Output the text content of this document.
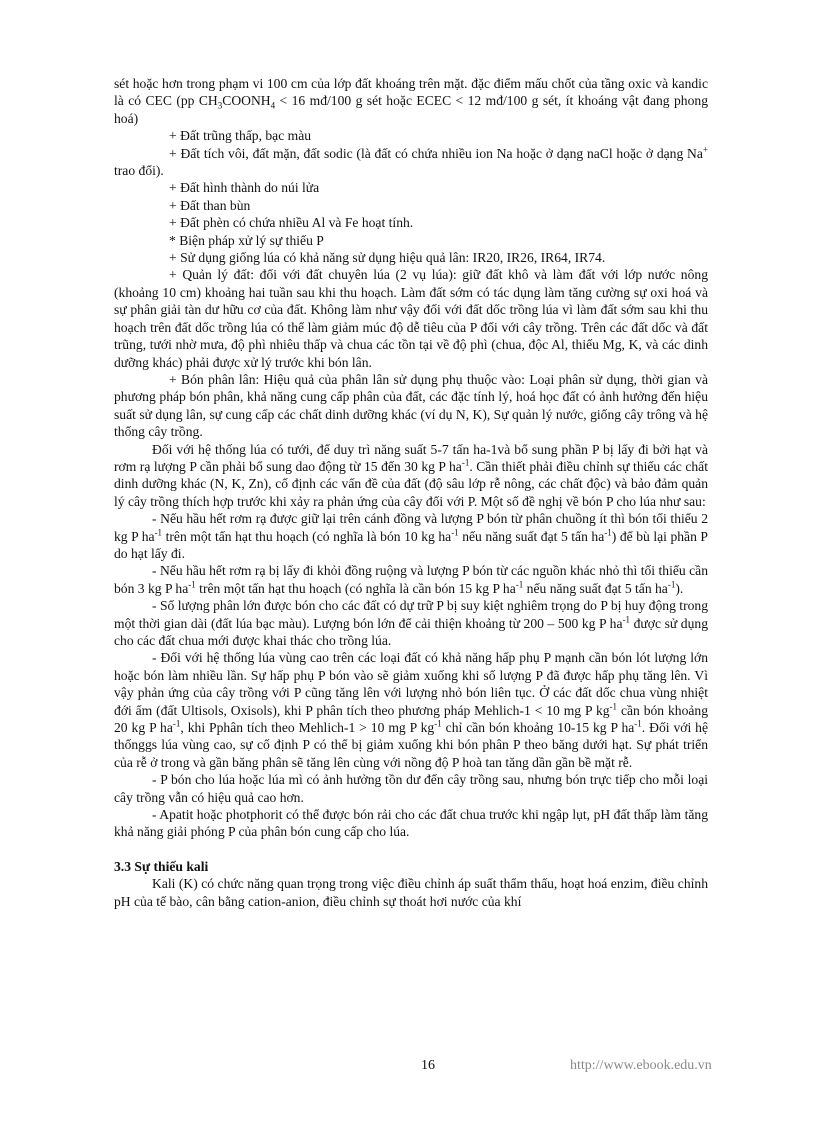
sét hoặc hơn trong phạm vi 100 cm của lớp đất khoáng trên mặt. đặc điểm mấu chốt của tầng oxic và kandic là có CEC (pp $CH_3COONH_4 < 16$ mđ/100 g sét hoặc ECEC < 12 mđ/100 g sét, ít khoáng vật đang phong hoá)

+ Đất trũng thấp, bạc màu

+ Đất tích vôi, đất mặn, đất sodic (là đất có chứa nhiều ion Na hoặc ở dạng naCl hoặc ở dạng Na+ trao đổi).

+ Đất hình thành do núi lửa

+ Đất than bùn

+ Đất phèn có chứa nhiều Al và Fe hoạt tính.

* Biện pháp xử lý sự thiếu P

+ Sử dụng giống lúa có khả năng sử dụng hiệu quả lân: IR20, IR26, IR64, IR74.

+ Quản lý đất: đối với đất chuyên lúa (2 vụ lúa): giữ đất khô và làm đất với lớp nước nông (khoảng 10 cm) khoảng hai tuần sau khi thu hoạch. Làm đất sớm có tác dụng làm tăng cường sự oxi hoá và sự phân giải tàn dư hữu cơ của đất. Không làm như vậy đối với đất dốc trồng lúa vì làm đất sớm sau khi thu hoạch trên đất dốc trồng lúa có thể làm giảm múc độ dễ tiêu của P đối với cây trồng. Trên các đất dốc và đất trũng, tưới nhờ mưa, độ phì nhiêu thấp và chua các tồn tại về độ phì (chua, độc Al, thiếu Mg, K, và các dinh dưỡng khác) phải được xử lý trước khi bón lân.

+ Bón phân lân: Hiệu quả của phân lân sử dụng phụ thuộc vào: Loại phân sử dụng, thời gian và phương pháp bón phân, khả năng cung cấp phân của đất, các đặc tính lý, hoá học đất có ảnh hưởng đến hiệu suất sử dụng lân, sự cung cấp các chất dinh dưỡng khác (ví dụ N, K), Sự quản lý nước, giống cây trông và hệ thống cây trồng.

Đối với hệ thống lúa có tưới, để duy trì năng suất 5-7 tấn ha-1và bổ sung phần P bị lấy đi bởi hạt và rơm rạ lượng P cần phải bổ sung dao động từ 15 đến 30 kg P $ha^{-1}$. Cần thiết phải điều chỉnh sự thiếu các chất dinh dưỡng khác (N, K, Zn), cố định các vấn đề của đất (độ sâu lớp rễ nông, các chất độc) và bảo đảm quản lý cây trồng thích hợp trước khi xảy ra phản ứng của cây đối với P. Một số đề nghị về bón P cho lúa như sau:

- Nếu hầu hết rơm rạ được giữ lại trên cánh đồng và lượng P bón từ phân chuồng ít thì bón tối thiểu 2 kg P $ha^{-1}$ trên một tấn hạt thu hoạch (có nghĩa là bón 10 kg $ha^{-1}$ nếu năng suất đạt 5 tấn $ha^{-1}$) để bù lại phần P do hạt lấy đi.

- Nếu hầu hết rơm rạ bị lấy đi khỏi đồng ruộng và lượng P bón từ các nguồn khác nhỏ thì tối thiểu cần bón 3 kg P $ha^{-1}$ trên một tấn hạt thu hoạch (có nghĩa là cần bón 15 kg P $ha^{-1}$ nếu năng suất đạt 5 tấn $ha^{-1}$).

- Số lượng phân lớn được bón cho các đất có dự trữ P bị suy kiệt nghiêm trọng do P bị huy động trong một thời gian dài (đất lúa bạc màu). Lượng bón lớn để cải thiện khoảng từ 200 – 500 kg P $ha^{-1}$ được sử dụng cho các đất chua mới được khai thác cho trồng lúa.

- Đối với hệ thống lúa vùng cao trên các loại đất có khả năng hấp phụ P mạnh cần bón lót lượng lớn hoặc bón làm nhiều lần. Sự hấp phụ P bón vào sẽ giảm xuống khi số lượng P đã được hấp phụ tăng lên. Vì vậy phản ứng của cây trồng với P cũng tăng lên với lượng nhỏ bón liên tục. Ở các đất dốc chua vùng nhiệt đới ẩm (đất Ultisols, Oxisols), khi P phân tích theo phương pháp Mehlich-1 < 10 mg P $kg^{-1}$ cần bón khoảng 20 kg P $ha^{-1}$, khi Pphân tích theo Mehlich-1 > 10 mg P $kg^{-1}$ chỉ cần bón khoảng 10-15 kg P $ha^{-1}$. Đối với hệ thốnggs lúa vùng cao, sự cố định P có thể bị giảm xuống khi bón phân P theo băng dưới hạt. Sự phát triển của rễ ở trong và gần băng phân sẽ tăng lên cùng với nồng độ P hoà tan tăng dần gần bề mặt rễ.

- P bón cho lúa hoặc lúa mì có ảnh hưởng tồn dư đến cây trồng sau, nhưng bón trực tiếp cho mỗi loại cây trồng vẫn có hiệu quả cao hơn.

- Apatit hoặc photphorit có thể được bón rải cho các đất chua trước khi ngập lụt, pH đất thấp làm tăng khả năng giải phóng P của phân bón cung cấp cho lúa.

3.3 Sự thiếu kali

Kali (K) có chức năng quan trọng trong việc điều chỉnh áp suất thẩm thấu, hoạt hoá enzim, điều chỉnh pH của tế bào, cân bằng cation-anion, điều chỉnh sự thoát hơi nước của khí

16	http://www.ebook.edu.vn
